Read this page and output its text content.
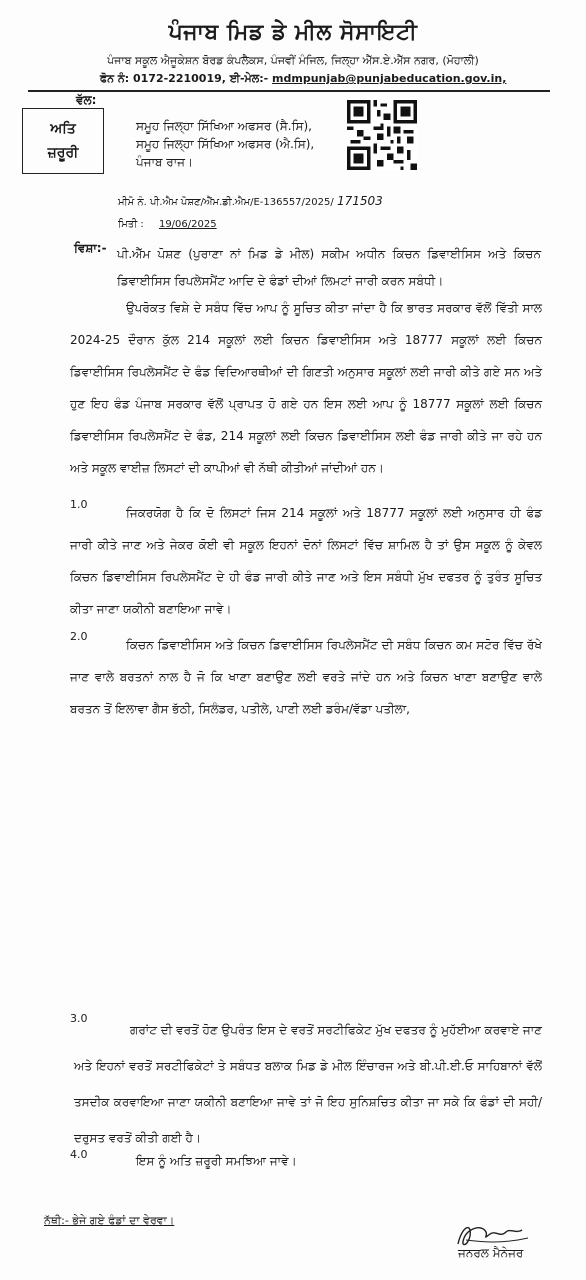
ਪੰਜਾਬ ਮਿਡ ਡੇ ਮੀਲ ਸੋਸਾਇਟੀ
ਪੰਜਾਬ ਸਕੂਲ ਐਜੂਕੇਸ਼ਨ ਬੋਰਡ ਕੰਪਲੈਕਸ, ਪੰਜਵੀਂ ਮੰਜਿਲ, ਜਿਲ੍ਹਾ ਐੱਸ.ਏ.ਐੱਸ ਨਗਰ, (ਮੋਹਾਲੀ)
ਫੋਨ ਨੰ: 0172-2210019, ਈ-ਮੇਲ:- mdmpunjab@punjabeducation.gov.in,
ਵੱਲ:
ਅਤਿ
ਜ਼ਰੂਰੀ
ਸਮੂਹ ਜਿਲ੍ਹਾ ਸਿੱਖਿਆ ਅਫਸਰ (ਸੈ.ਸਿ),
ਸਮੂਹ ਜਿਲ੍ਹਾ ਸਿੱਖਿਆ ਅਫਸਰ (ਐ.ਸਿ),
ਪੰਜਾਬ ਰਾਜ।
ਮੀਮੋ ਨੰ. ਪੀ.ਐਮ ਪੋਸ਼ਣ/ਐੱਮ.ਡੀ.ਐਮ/E-136557/2025/ 171503
ਮਿਤੀ : 19/06/2025
ਵਿਸ਼ਾ:- ਪੀ.ਐੱਮ ਪੋਸ਼ਣ (ਪੁਰਾਣਾ ਨਾਂ ਮਿਡ ਡੇ ਮੀਲ) ਸਕੀਮ ਅਧੀਨ ਕਿਚਨ ਡਿਵਾਈਸਿਸ ਅਤੇ ਕਿਚਨ ਡਿਵਾਈਸਿਸ ਰਿਪਲੇਸਮੈਂਟ ਆਦਿ ਦੇ ਫੰਡਾਂ ਦੀਆਂ ਲਿਮਟਾਂ ਜਾਰੀ ਕਰਨ ਸਬੰਧੀ।
ਉਪਰੋਕਤ ਵਿਸ਼ੇ ਦੇ ਸਬੰਧ ਵਿੱਚ ਆਪ ਨੂੰ ਸੂਚਿਤ ਕੀਤਾ ਜਾਂਦਾ ਹੈ ਕਿ ਭਾਰਤ ਸਰਕਾਰ ਵੱਲੋਂ ਵਿੱਤੀ ਸਾਲ 2024-25 ਦੌਰਾਨ ਕੁੱਲ 214 ਸਕੂਲਾਂ ਲਈ ਕਿਚਨ ਡਿਵਾਈਸਿਸ ਅਤੇ 18777 ਸਕੂਲਾਂ ਲਈ ਕਿਚਨ ਡਿਵਾਈਸਿਸ ਰਿਪਲੇਸਮੈਂਟ ਦੇ ਫੰਡ ਵਿਦਿਆਰਥੀਆਂ ਦੀ ਗਿਣਤੀ ਅਨੁਸਾਰ ਸਕੂਲਾਂ ਲਈ ਜਾਰੀ ਕੀਤੇ ਗਏ ਸਨ ਅਤੇ ਹੁਣ ਇਹ ਫੰਡ ਪੰਜਾਬ ਸਰਕਾਰ ਵੱਲੋਂ ਪ੍ਰਾਪਤ ਹੋ ਗਏ ਹਨ ਇਸ ਲਈ ਆਪ ਨੂੰ 18777 ਸਕੂਲਾਂ ਲਈ ਕਿਚਨ ਡਿਵਾਈਸਿਸ ਰਿਪਲੇਸਮੈਂਟ ਦੇ ਫੰਡ, 214 ਸਕੂਲਾਂ ਲਈ ਕਿਚਨ ਡਿਵਾਈਸਿਸ ਲਈ ਫੰਡ ਜਾਰੀ ਕੀਤੇ ਜਾ ਰਹੇ ਹਨ ਅਤੇ ਸਕੂਲ ਵਾਈਜ਼ ਲਿਸਟਾਂ ਦੀ ਕਾਪੀਆਂ ਵੀ ਨੱਥੀ ਕੀਤੀਆਂ ਜਾਂਦੀਆਂ ਹਨ।
1.0
ਜਿਕਰਯੋਗ ਹੈ ਕਿ ਦੋ ਲਿਸਟਾਂ ਜਿਸ 214 ਸਕੂਲਾਂ ਅਤੇ 18777 ਸਕੂਲਾਂ ਲਈ ਅਨੁਸਾਰ ਹੀ ਫੰਡ ਜਾਰੀ ਕੀਤੇ ਜਾਣ ਅਤੇ ਜੇਕਰ ਕੋਈ ਵੀ ਸਕੂਲ ਇਹਨਾਂ ਦੋਨਾਂ ਲਿਸਟਾਂ ਵਿੱਚ ਸ਼ਾਮਿਲ ਹੈ ਤਾਂ ਉਸ ਸਕੂਲ ਨੂੰ ਕੇਵਲ ਕਿਚਨ ਡਿਵਾਈਸਿਸ ਰਿਪਲੇਸਮੈਂਟ ਦੇ ਹੀ ਫੰਡ ਜਾਰੀ ਕੀਤੇ ਜਾਣ ਅਤੇ ਇਸ ਸਬੰਧੀ ਮੁੱਖ ਦਫਤਰ ਨੂੰ ਤੁਰੰਤ ਸੂਚਿਤ ਕੀਤਾ ਜਾਣਾ ਯਕੀਨੀ ਬਣਾਇਆ ਜਾਵੇ।
2.0
ਕਿਚਨ ਡਿਵਾਈਸਿਸ ਅਤੇ ਕਿਚਨ ਡਿਵਾਈਸਿਸ ਰਿਪਲੇਸਮੈਂਟ ਦੀ ਸਬੰਧ ਕਿਚਨ ਕਮ ਸਟੋਰ ਵਿੱਚ ਰੱਖੇ ਜਾਣ ਵਾਲੇ ਬਰਤਨਾਂ ਨਾਲ ਹੈ ਜੋ ਕਿ ਖਾਣਾ ਬਣਾਉਣ ਲਈ ਵਰਤੇ ਜਾਂਦੇ ਹਨ ਅਤੇ ਕਿਚਨ ਖਾਣਾ ਬਣਾਉਣ ਵਾਲੇ ਬਰਤਨ ਤੋਂ ਇਲਾਵਾ ਗੈਸ ਭੱਠੀ, ਸਿਲੰਡਰ, ਪਤੀਲੇ, ਪਾਣੀ ਲਈ ਡਰੰਮ/ਵੱਡਾ ਪਤੀਲਾ,
3.0
ਗਰਾਂਟ ਦੀ ਵਰਤੋਂ ਹੋਣ ਉਪਰੰਤ ਇਸ ਦੇ ਵਰਤੋਂ ਸਰਟੀਫਿਕੇਟ ਮੁੱਖ ਦਫਤਰ ਨੂੰ ਮੁਹੱਈਆ ਕਰਵਾਏ ਜਾਣ ਅਤੇ ਇਹਨਾਂ ਵਰਤੋਂ ਸਰਟੀਫਿਕੇਟਾਂ ਤੇ ਸਬੰਧਤ ਬਲਾਕ ਮਿਡ ਡੇ ਮੀਲ ਇੰਚਾਰਜ ਅਤੇ ਬੀ.ਪੀ.ਈ.ਓ ਸਾਹਿਬਾਨਾਂ ਵੱਲੋਂ ਤਸਦੀਕ ਕਰਵਾਇਆ ਜਾਣਾ ਯਕੀਨੀ ਬਣਾਇਆ ਜਾਵੇ ਤਾਂ ਜੋ ਇਹ ਸੁਨਿਸ਼ਚਿਤ ਕੀਤਾ ਜਾ ਸਕੇ ਕਿ ਫੰਡਾਂ ਦੀ ਸਹੀ/ਦਰੁਸਤ ਵਰਤੋਂ ਕੀਤੀ ਗਈ ਹੈ।
4.0	ਇਸ ਨੂੰ ਅਤਿ ਜ਼ਰੂਰੀ ਸਮਝਿਆ ਜਾਵੇ।
ਨੱਥੀ:- ਭੇਜੇ ਗਏ ਫੰਡਾਂ ਦਾ ਵੇਰਵਾ।
ਜਨਰਲ ਮੈਨੇਜਰ
